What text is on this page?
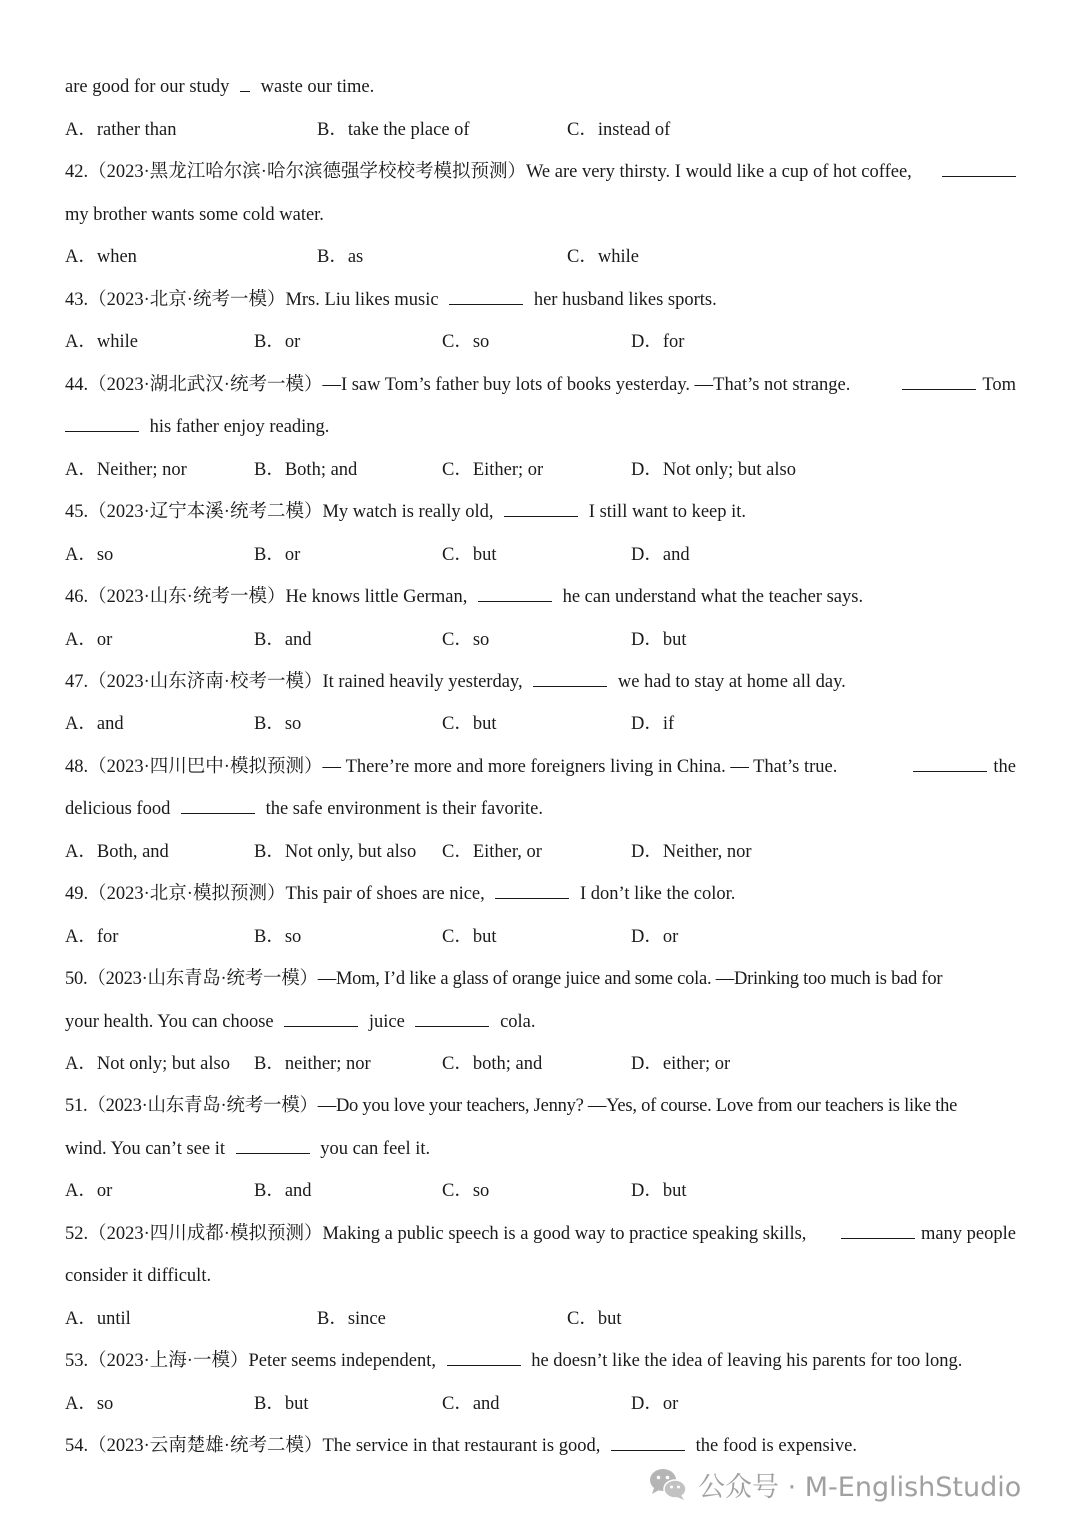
are good for our study waste our time.
A．rather than	B．take the place of	C．instead of
42.（2023·黑龙江哈尔滨·哈尔滨德强学校校考模拟预测）We are very thirsty. I would like a cup of hot coffee,
my brother wants some cold water.
A．when	B．as	C．while
43.（2023·北京·统考一模）Mrs. Liu likes music	her husband likes sports.
A．while	B．or	C．so	D．for
44.（2023·湖北武汉·统考一模）—I saw Tom’s father buy lots of books yesterday. —That’s not strange.	Tom
his father enjoy reading.
A．Neither; nor	B．Both; and	C．Either; or	D．Not only; but also
45.（2023·辽宁本溪·统考二模）My watch is really old,	I still want to keep it.
A．so	B．or	C．but	D．and
46.（2023·山东·统考一模）He knows little German,	he can understand what the teacher says.
A．or	B．and	C．so	D．but
47.（2023·山东济南·校考一模）It rained heavily yesterday,	we had to stay at home all day.
A．and	B．so	C．but	D．if
48.（2023·四川巴中·模拟预测）— There’re more and more foreigners living in China. — That’s true.	the
delicious food	the safe environment is their favorite.
A．Both, and	B．Not only, but also C．Either, or	D．Neither, nor
49.（2023·北京·模拟预测）This pair of shoes are nice,	I don’t like the color.
A．for	B．so	C．but	D．or
50.（2023·山东青岛·统考一模）—Mom, I’d like a glass of orange juice and some cola. —Drinking too much is bad for
your health. You can choose	juice	cola.
A．Not only; but also B．neither; nor	C．both; and	D．either; or
51.（2023·山东青岛·统考一模）—Do you love your teachers, Jenny? —Yes, of course. Love from our teachers is like the
wind. You can’t see it	you can feel it.
A．or	B．and	C．so	D．but
52.（2023·四川成都·模拟预测）Making a public speech is a good way to practice speaking skills,	many people
consider it difficult.
A．until	B．since	C．but
53.（2023·上海·一模）Peter seems independent,	he doesn’t like the idea of leaving his parents for too long.
A．so	B．but	C．and	D．or
54.（2023·云南楚雄·统考二模）The service in that restaurant is good,	the food is expensive.
公众号 · M-EnglishStudio
